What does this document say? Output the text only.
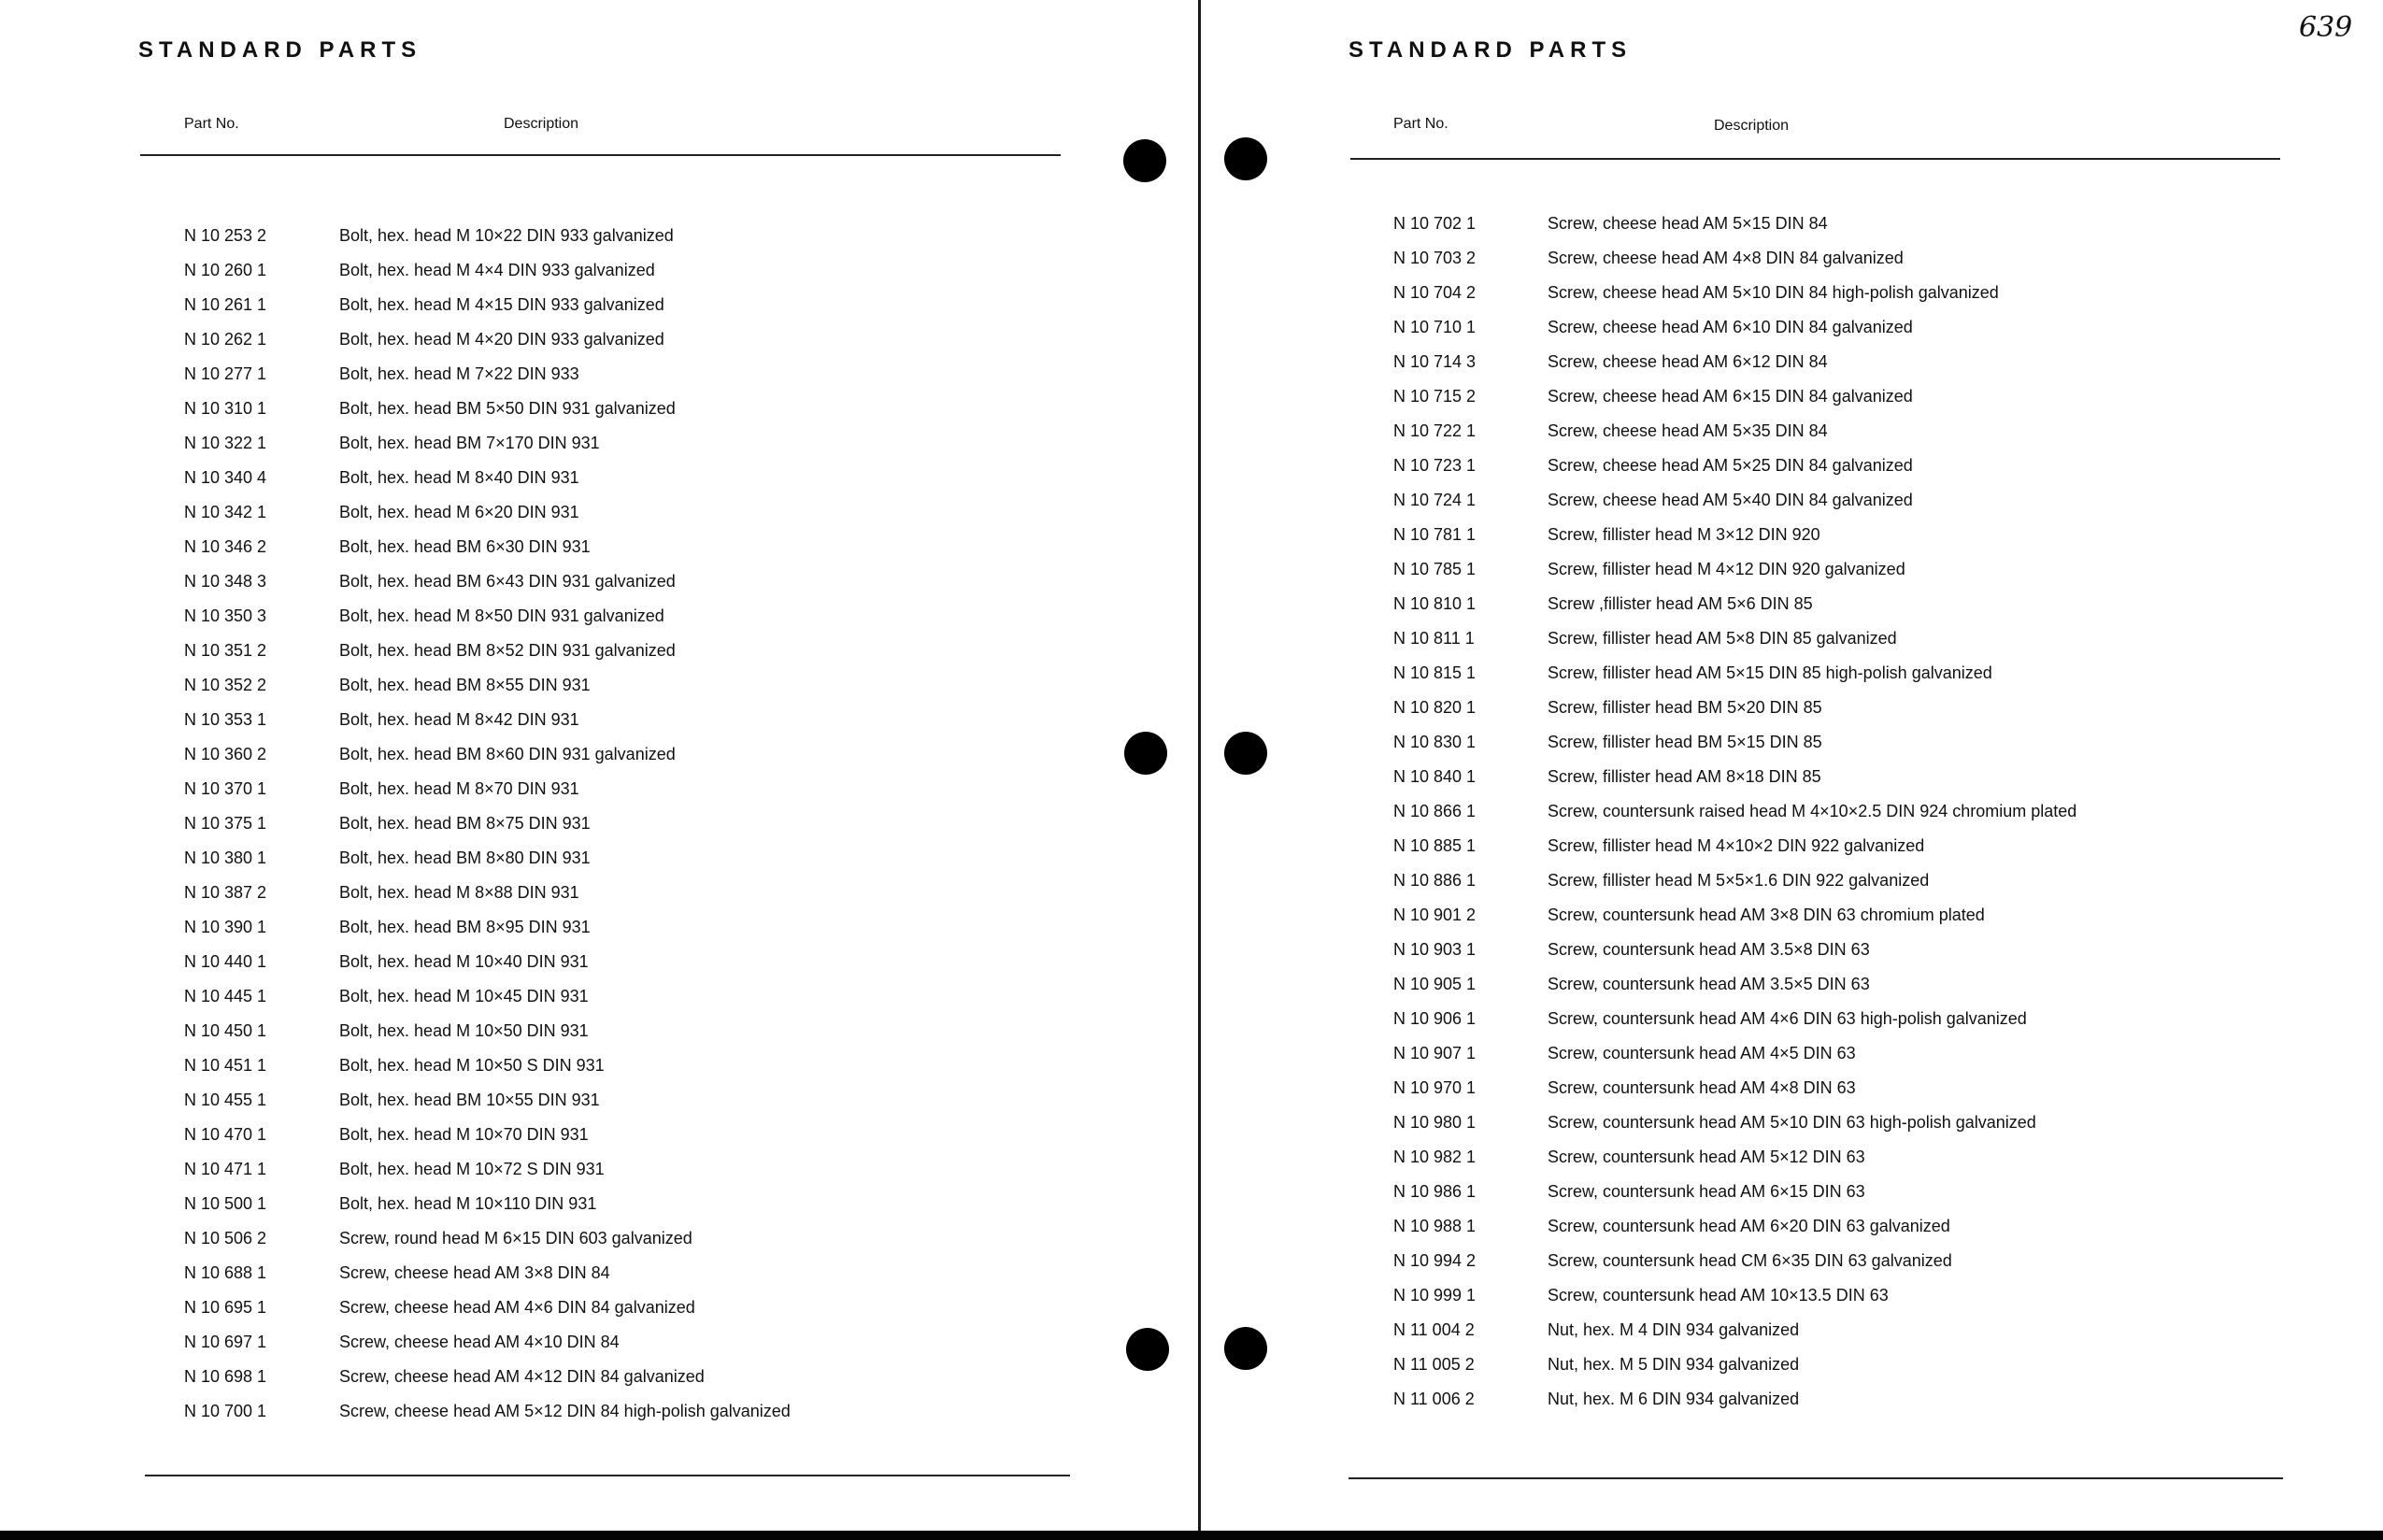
STANDARD PARTS
Part No.	Description
N 10 253 2	Bolt, hex. head M 10×22 DIN 933 galvanized
N 10 260 1	Bolt, hex. head M 4×4 DIN 933 galvanized
N 10 261 1	Bolt, hex. head M 4×15 DIN 933 galvanized
N 10 262 1	Bolt, hex. head M 4×20 DIN 933 galvanized
N 10 277 1	Bolt, hex. head M 7×22 DIN 933
N 10 310 1	Bolt, hex. head BM 5×50 DIN 931 galvanized
N 10 322 1	Bolt, hex. head BM 7×170 DIN 931
N 10 340 4	Bolt, hex. head M 8×40 DIN 931
N 10 342 1	Bolt, hex. head M 6×20 DIN 931
N 10 346 2	Bolt, hex. head BM 6×30 DIN 931
N 10 348 3	Bolt, hex. head BM 6×43 DIN 931 galvanized
N 10 350 3	Bolt, hex. head M 8×50 DIN 931 galvanized
N 10 351 2	Bolt, hex. head BM 8×52 DIN 931 galvanized
N 10 352 2	Bolt, hex. head BM 8×55 DIN 931
N 10 353 1	Bolt, hex. head M 8×42 DIN 931
N 10 360 2	Bolt, hex. head BM 8×60 DIN 931 galvanized
N 10 370 1	Bolt, hex. head M 8×70 DIN 931
N 10 375 1	Bolt, hex. head BM 8×75 DIN 931
N 10 380 1	Bolt, hex. head BM 8×80 DIN 931
N 10 387 2	Bolt, hex. head M 8×88 DIN 931
N 10 390 1	Bolt, hex. head BM 8×95 DIN 931
N 10 440 1	Bolt, hex. head M 10×40 DIN 931
N 10 445 1	Bolt, hex. head M 10×45 DIN 931
N 10 450 1	Bolt, hex. head M 10×50 DIN 931
N 10 451 1	Bolt, hex. head M 10×50 S DIN 931
N 10 455 1	Bolt, hex. head BM 10×55 DIN 931
N 10 470 1	Bolt, hex. head M 10×70 DIN 931
N 10 471 1	Bolt, hex. head M 10×72 S DIN 931
N 10 500 1	Bolt, hex. head M 10×110 DIN 931
N 10 506 2	Screw, round head M 6×15 DIN 603 galvanized
N 10 688 1	Screw, cheese head AM 3×8 DIN 84
N 10 695 1	Screw, cheese head AM 4×6 DIN 84 galvanized
N 10 697 1	Screw, cheese head AM 4×10 DIN 84
N 10 698 1	Screw, cheese head AM 4×12 DIN 84 galvanized
N 10 700 1	Screw, cheese head AM 5×12 DIN 84 high-polish galvanized
STANDARD PARTS
639
Part No.	Description
N 10 702 1	Screw, cheese head AM 5×15 DIN 84
N 10 703 2	Screw, cheese head AM 4×8 DIN 84 galvanized
N 10 704 2	Screw, cheese head AM 5×10 DIN 84 high-polish galvanized
N 10 710 1	Screw, cheese head AM 6×10 DIN 84 galvanized
N 10 714 3	Screw, cheese head AM 6×12 DIN 84
N 10 715 2	Screw, cheese head AM 6×15 DIN 84 galvanized
N 10 722 1	Screw, cheese head AM 5×35 DIN 84
N 10 723 1	Screw, cheese head AM 5×25 DIN 84 galvanized
N 10 724 1	Screw, cheese head AM 5×40 DIN 84 galvanized
N 10 781 1	Screw, fillister head M 3×12 DIN 920
N 10 785 1	Screw, fillister head M 4×12 DIN 920 galvanized
N 10 810 1	Screw ,fillister head AM 5×6 DIN 85
N 10 811 1	Screw, fillister head AM 5×8 DIN 85 galvanized
N 10 815 1	Screw, fillister head AM 5×15 DIN 85 high-polish galvanized
N 10 820 1	Screw, fillister head BM 5×20 DIN 85
N 10 830 1	Screw, fillister head BM 5×15 DIN 85
N 10 840 1	Screw, fillister head AM 8×18 DIN 85
N 10 866 1	Screw, countersunk raised head M 4×10×2.5 DIN 924 chromium plated
N 10 885 1	Screw, fillister head M 4×10×2 DIN 922 galvanized
N 10 886 1	Screw, fillister head M 5×5×1.6 DIN 922 galvanized
N 10 901 2	Screw, countersunk head AM 3×8 DIN 63 chromium plated
N 10 903 1	Screw, countersunk head AM 3.5×8 DIN 63
N 10 905 1	Screw, countersunk head AM 3.5×5 DIN 63
N 10 906 1	Screw, countersunk head AM 4×6 DIN 63 high-polish galvanized
N 10 907 1	Screw, countersunk head AM 4×5 DIN 63
N 10 970 1	Screw, countersunk head AM 4×8 DIN 63
N 10 980 1	Screw, countersunk head AM 5×10 DIN 63 high-polish galvanized
N 10 982 1	Screw, countersunk head AM 5×12 DIN 63
N 10 986 1	Screw, countersunk head AM 6×15 DIN 63
N 10 988 1	Screw, countersunk head AM 6×20 DIN 63 galvanized
N 10 994 2	Screw, countersunk head CM 6×35 DIN 63 galvanized
N 10 999 1	Screw, countersunk head AM 10×13.5 DIN 63
N 11 004 2	Nut, hex. M 4 DIN 934 galvanized
N 11 005 2	Nut, hex. M 5 DIN 934 galvanized
N 11 006 2	Nut, hex. M 6 DIN 934 galvanized
